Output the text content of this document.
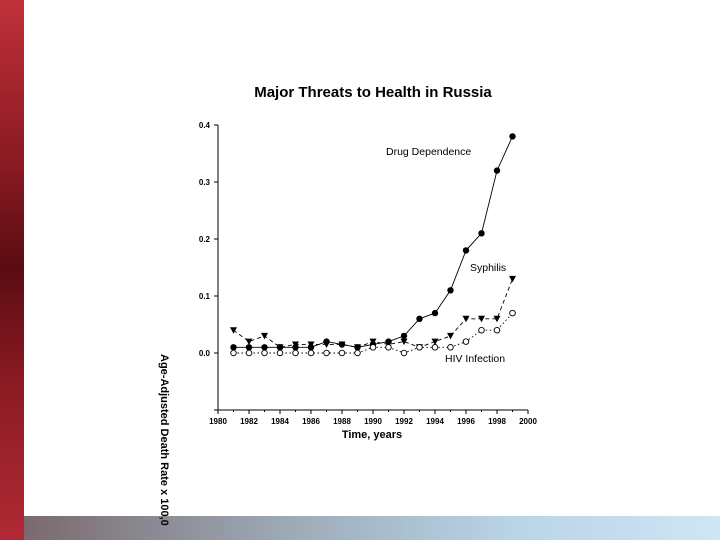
Major Threats to Health in Russia
0.4
0.3
0.2
0.1
0.0
1980 1982 1984 1986 1988 1990 1992 1994 1996 1998 2000
Drug Dependence
Syphilis
HIV Infection
Time, years
Age-Adjusted Death Rate x 100,0
